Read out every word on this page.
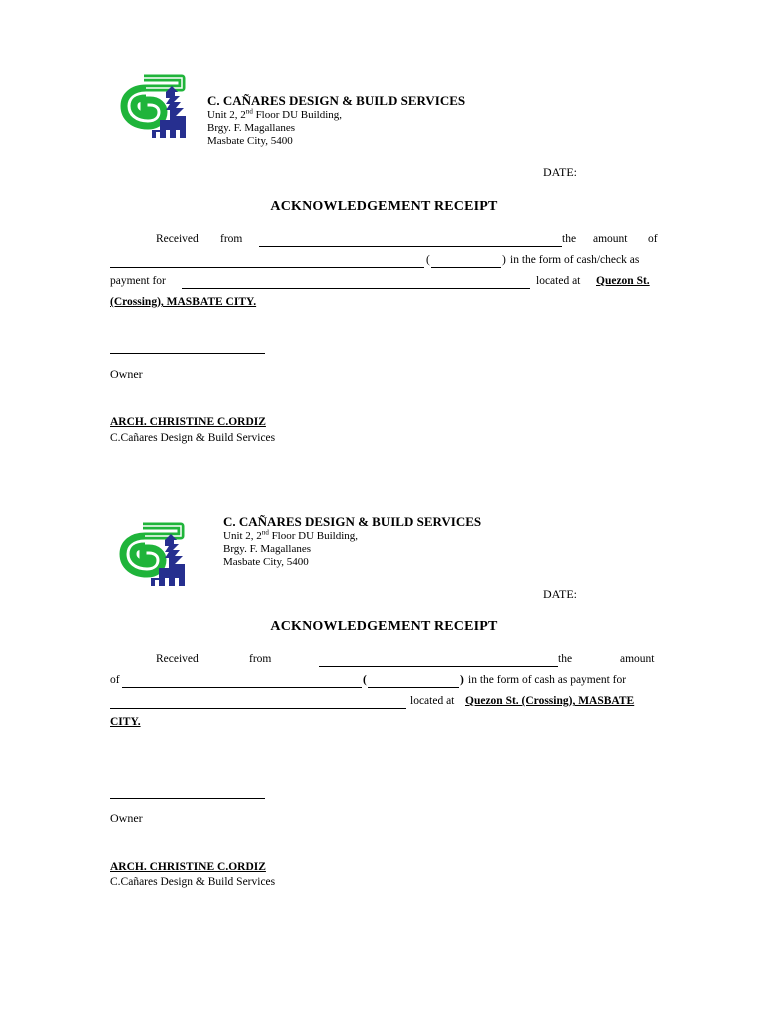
C. CAÑARES DESIGN & BUILD SERVICES
Unit 2, 2nd Floor DU Building,
Brgy. F. Magallanes
Masbate City, 5400
DATE:
ACKNOWLEDGEMENT RECEIPT
Received from	the amount of
(	) in the form of cash/check as
payment for	located at Quezon St.
(Crossing), MASBATE CITY.
Owner
ARCH. CHRISTINE C.ORDIZ
C.Cañares Design & Build Services
C. CAÑARES DESIGN & BUILD SERVICES
Unit 2, 2nd Floor DU Building,
Brgy. F. Magallanes
Masbate City, 5400
DATE:
ACKNOWLEDGEMENT RECEIPT
Received	from	the	amount
of	(	) in the form of cash as payment for
located at Quezon St. (Crossing), MASBATE
CITY.
Owner
ARCH. CHRISTINE C.ORDIZ
C.Cañares Design & Build Services
